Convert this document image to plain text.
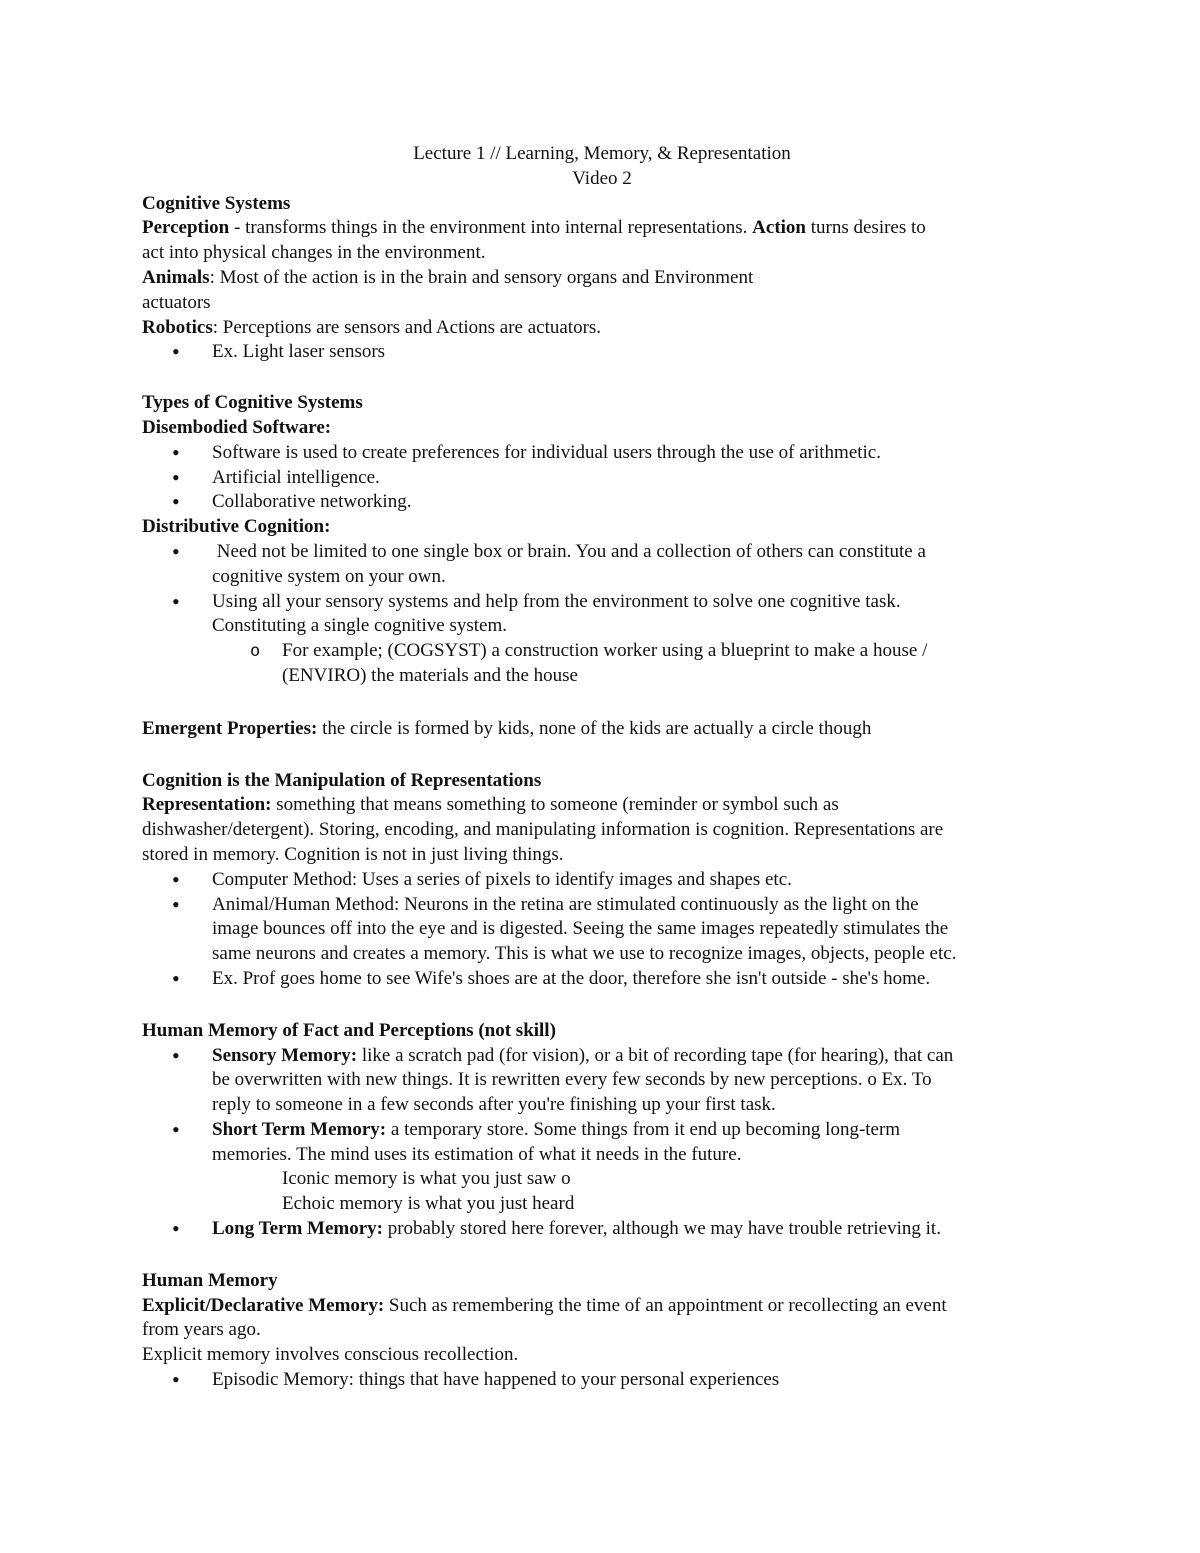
Lecture 1 // Learning, Memory, & Representation
Video 2
Cognitive Systems
Perception - transforms things in the environment into internal representations. Action turns desires to
act into physical changes in the environment.
Animals: Most of the action is in the brain and sensory organs and Environment
actuators
Robotics: Perceptions are sensors and Actions are actuators.
• Ex. Light laser sensors
Types of Cognitive Systems
Disembodied Software:
• Software is used to create preferences for individual users through the use of arithmetic.
• Artificial intelligence.
• Collaborative networking.
Distributive Cognition:
•  Need not be limited to one single box or brain. You and a collection of others can constitute a
cognitive system on your own.
• Using all your sensory systems and help from the environment to solve one cognitive task.
Constituting a single cognitive system.
o For example; (COGSYST) a construction worker using a blueprint to make a house /
(ENVIRO) the materials and the house
Emergent Properties: the circle is formed by kids, none of the kids are actually a circle though
Cognition is the Manipulation of Representations
Representation: something that means something to someone (reminder or symbol such as
dishwasher/detergent). Storing, encoding, and manipulating information is cognition. Representations are
stored in memory. Cognition is not in just living things.
• Computer Method: Uses a series of pixels to identify images and shapes etc.
• Animal/Human Method: Neurons in the retina are stimulated continuously as the light on the
image bounces off into the eye and is digested. Seeing the same images repeatedly stimulates the
same neurons and creates a memory. This is what we use to recognize images, objects, people etc.
• Ex. Prof goes home to see Wife's shoes are at the door, therefore she isn't outside - she's home.
Human Memory of Fact and Perceptions (not skill)
• Sensory Memory: like a scratch pad (for vision), or a bit of recording tape (for hearing), that can
be overwritten with new things. It is rewritten every few seconds by new perceptions. o Ex. To
reply to someone in a few seconds after you're finishing up your first task.
• Short Term Memory: a temporary store. Some things from it end up becoming long-term
memories. The mind uses its estimation of what it needs in the future.
Iconic memory is what you just saw o
Echoic memory is what you just heard
• Long Term Memory: probably stored here forever, although we may have trouble retrieving it.
Human Memory
Explicit/Declarative Memory: Such as remembering the time of an appointment or recollecting an event
from years ago.
Explicit memory involves conscious recollection.
• Episodic Memory: things that have happened to your personal experiences
